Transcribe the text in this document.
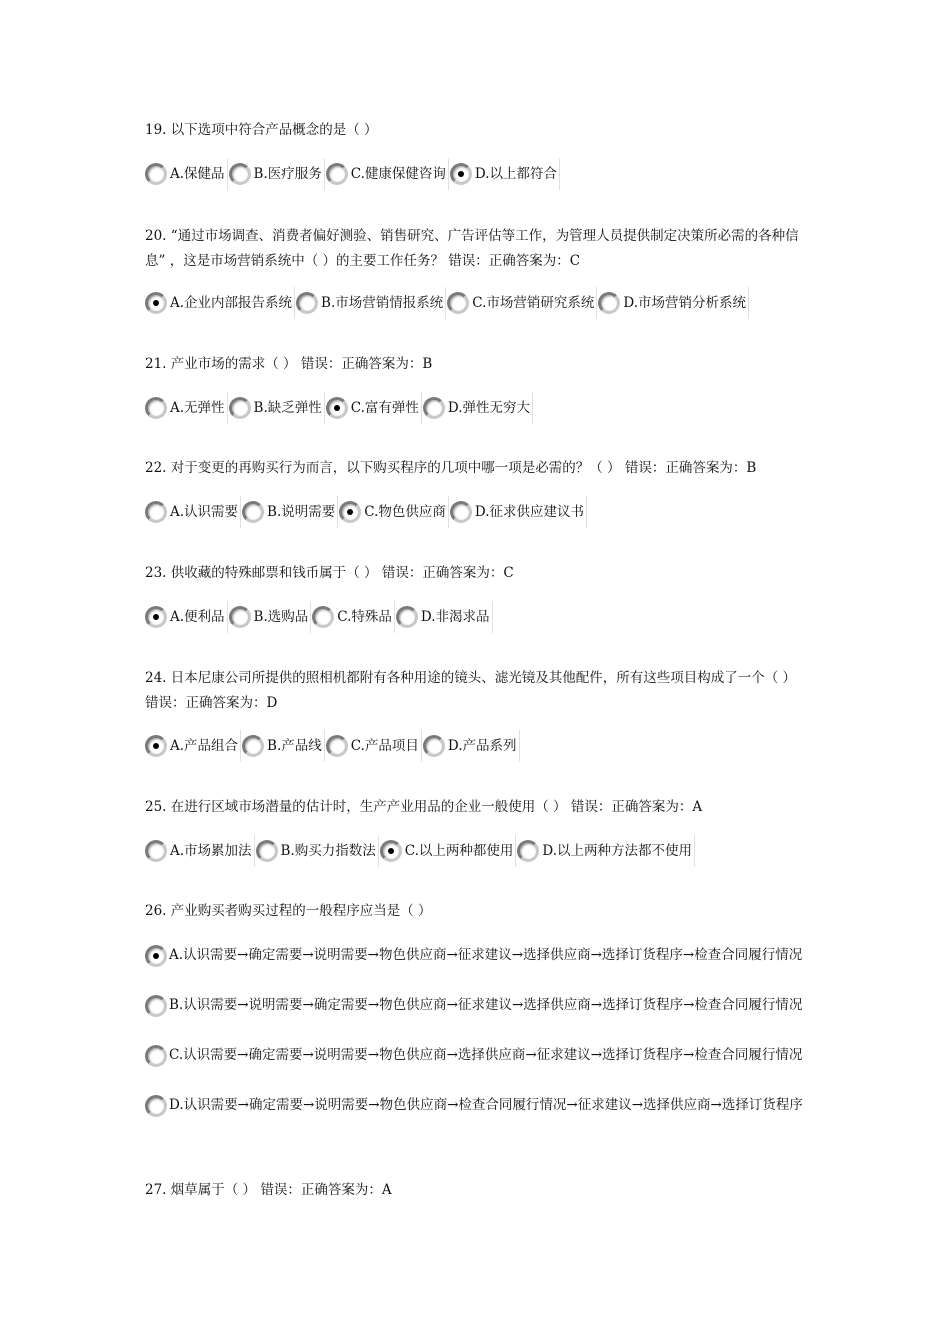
19. 以下选项中符合产品概念的是（ ）
A.保健品 B.医疗服务 C.健康保健咨询 D.以上都符合
20. “通过市场调查、消费者偏好测验、销售研究、广告评估等工作，为管理人员提供制定决策所必需的各种信息” ，这是市场营销系统中（ ）的主要工作任务？ 错误：正确答案为：C
A.企业内部报告系统 B.市场营销情报系统 C.市场营销研究系统 D.市场营销分析系统
21. 产业市场的需求（ ） 错误：正确答案为：B
A.无弹性 B.缺乏弹性 C.富有弹性 D.弹性无穷大
22. 对于变更的再购买行为而言，以下购买程序的几项中哪一项是必需的？（ ） 错误：正确答案为：B
A.认识需要 B.说明需要 C.物色供应商 D.征求供应建议书
23. 供收藏的特殊邮票和钱币属于（ ） 错误：正确答案为：C
A.便利品 B.选购品 C.特殊品 D.非渴求品
24. 日本尼康公司所提供的照相机都附有各种用途的镜头、滤光镜及其他配件，所有这些项目构成了一个（ ） 错误：正确答案为：D
A.产品组合 B.产品线 C.产品项目 D.产品系列
25. 在进行区域市场潜量的估计时，生产产业用品的企业一般使用（ ） 错误：正确答案为：A
A.市场累加法 B.购买力指数法 C.以上两种都使用 D.以上两种方法都不使用
26. 产业购买者购买过程的一般程序应当是（ ）
A.认识需要→确定需要→说明需要→物色供应商→征求建议→选择供应商→选择订货程序→检查合同履行情况 B.认识需要→说明需要→确定需要→物色供应商→征求建议→选择供应商→选择订货程序→检查合同履行情况 C.认识需要→确定需要→说明需要→物色供应商→选择供应商→征求建议→选择订货程序→检查合同履行情况 D.认识需要→确定需要→说明需要→物色供应商→检查合同履行情况→征求建议→选择供应商→选择订货程序
27. 烟草属于（ ） 错误：正确答案为：A
